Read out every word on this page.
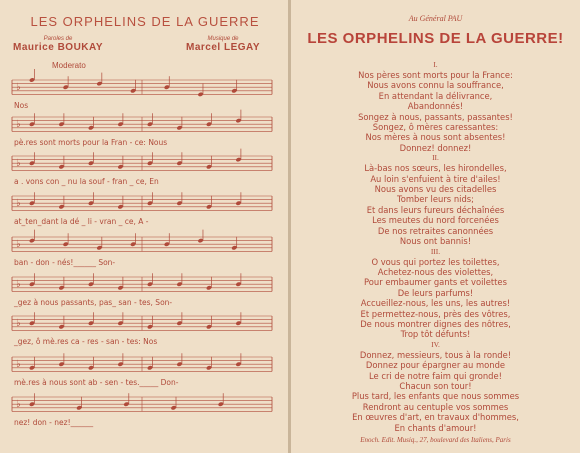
LES ORPHELINS DE LA GUERRE
Paroles de
Maurice BOUKAY
Musique de
Marcel LEGAY
Moderato
♭
Nos
♭
pè.res sont morts pour la Fran - ce: Nous
♭
a . vons con _ nu la souf - fran _ ce, En
♭
at_ten_dant la dé _ li - vran _ ce, A -
♭
ban - don - nés!______ Son-
♭
_gez à nous passants, pas_ san - tes, Son-
♭
_gez, ô mè.res ca - res - san - tes: Nos
♭
mè.res à nous sont ab - sen - tes._____ Don-
♭
nez! don - nez!______
Au Général PAU
LES ORPHELINS DE LA GUERRE!
I.
Nos pères sont morts pour la France:
Nous avons connu la souffrance,
En attendant la délivrance,
Abandonnés!
Songez à nous, passants, passantes!
Songez, ô mères caressantes:
Nos mères à nous sont absentes!
Donnez! donnez!
II.
Là-bas nos sœurs, les hirondelles,
Au loin s'enfuient à tire d'ailes!
Nous avons vu des citadelles
Tomber leurs nids;
Et dans leurs fureurs déchaînées
Les meutes du nord forcenées
De nos retraites canonnées
Nous ont bannis!
III.
O vous qui portez les toilettes,
Achetez-nous des violettes,
Pour embaumer gants et voilettes
De leurs parfums!
Accueillez-nous, les uns, les autres!
Et permettez-nous, près des vôtres,
De nous montrer dignes des nôtres,
Trop tôt défunts!
IV.
Donnez, messieurs, tous à la ronde!
Donnez pour épargner au monde
Le cri de notre faim qui gronde!
Chacun son tour!
Plus tard, les enfants que nous sommes
Rendront au centuple vos sommes
En œuvres d'art, en travaux d'hommes,
En chants d'amour!
Enoch. Edit. Musiq., 27, boulevard des Italiens, Paris
